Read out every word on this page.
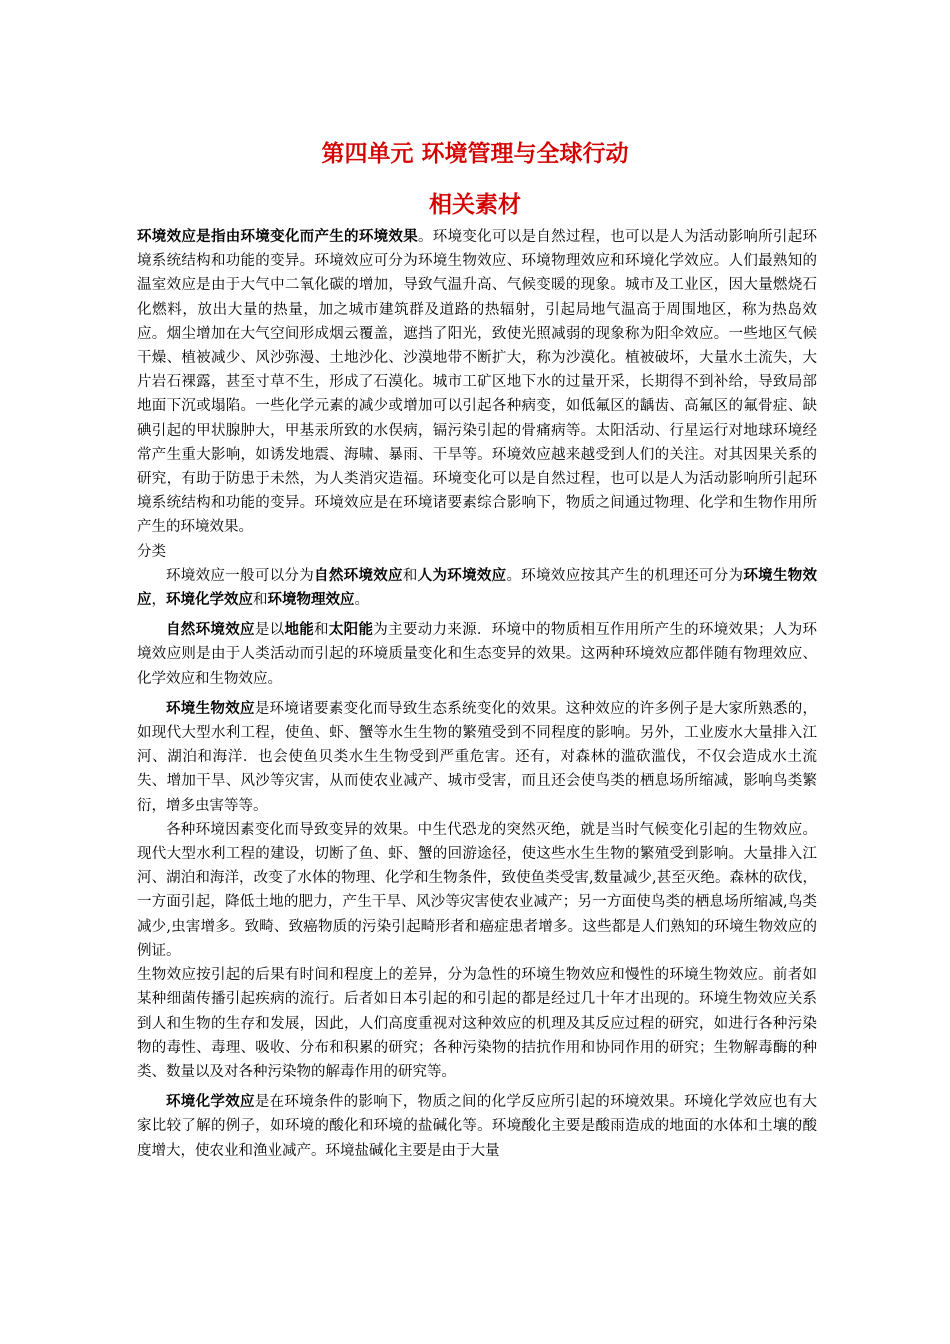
第四单元 环境管理与全球行动
相关素材

环境效应是指由环境变化而产生的环境效果。环境变化可以是自然过程，也可以是人为活动影响所引起环境系统结构和功能的变异。环境效应可分为环境生物效应、环境物理效应和环境化学效应。人们最熟知的温室效应是由于大气中二氧化碳的增加，导致气温升高、气候变暖的现象。城市及工业区，因大量燃烧石化燃料，放出大量的热量，加之城市建筑群及道路的热辐射，引起局地气温高于周围地区，称为热岛效应。烟尘增加在大气空间形成烟云覆盖，遮挡了阳光，致使光照减弱的现象称为阳伞效应。一些地区气候干燥、植被减少、风沙弥漫、土地沙化、沙漠地带不断扩大，称为沙漠化。植被破坏，大量水土流失，大片岩石裸露，甚至寸草不生，形成了石漠化。城市工矿区地下水的过量开采，长期得不到补给，导致局部地面下沉或塌陷。一些化学元素的减少或增加可以引起各种病变，如低氟区的龋齿、高氟区的氟骨症、缺碘引起的甲状腺肿大，甲基汞所致的水俣病，镉污染引起的骨痛病等。太阳活动、行星运行对地球环境经常产生重大影响，如诱发地震、海啸、暴雨、干旱等。环境效应越来越受到人们的关注。对其因果关系的研究，有助于防患于未然，为人类消灾造福。环境变化可以是自然过程，也可以是人为活动影响所引起环境系统结构和功能的变异。环境效应是在环境诸要素综合影响下，物质之间通过物理、化学和生物作用所产生的环境效果。

分类

环境效应一般可以分为自然环境效应和人为环境效应。环境效应按其产生的机理还可分为环境生物效应，环境化学效应和环境物理效应。

自然环境效应是以地能和太阳能为主要动力来源．环境中的物质相互作用所产生的环境效果；人为环境效应则是由于人类活动而引起的环境质量变化和生态变异的效果。这两种环境效应都伴随有物理效应、化学效应和生物效应。

环境生物效应是环境诸要素变化而导致生态系统变化的效果。这种效应的许多例子是大家所熟悉的，如现代大型水利工程，使鱼、虾、蟹等水生生物的繁殖受到不同程度的影响。另外，工业废水大量排入江河、湖泊和海洋．也会使鱼贝类水生生物受到严重危害。还有，对森林的滥砍滥伐，不仅会造成水土流失、增加干旱、风沙等灾害，从而使农业减产、城市受害，而且还会使鸟类的栖息场所缩减，影响鸟类繁衍，增多虫害等等。

各种环境因素变化而导致变异的效果。中生代恐龙的突然灭绝，就是当时气候变化引起的生物效应。现代大型水利工程的建设，切断了鱼、虾、蟹的回游途径，使这些水生生物的繁殖受到影响。大量排入江河、湖泊和海洋，改变了水体的物理、化学和生物条件，致使鱼类受害,数量减少,甚至灭绝。森林的砍伐，一方面引起，降低土地的肥力，产生干旱、风沙等灾害使农业减产；另一方面使鸟类的栖息场所缩减,鸟类减少,虫害增多。致畸、致癌物质的污染引起畸形者和癌症患者增多。这些都是人们熟知的环境生物效应的例证。

生物效应按引起的后果有时间和程度上的差异，分为急性的环境生物效应和慢性的环境生物效应。前者如某种细菌传播引起疾病的流行。后者如日本引起的和引起的都是经过几十年才出现的。环境生物效应关系到人和生物的生存和发展，因此，人们高度重视对这种效应的机理及其反应过程的研究，如进行各种污染物的毒性、毒理、吸收、分布和积累的研究；各种污染物的拮抗作用和协同作用的研究；生物解毒酶的种类、数量以及对各种污染物的解毒作用的研究等。

环境化学效应是在环境条件的影响下，物质之间的化学反应所引起的环境效果。环境化学效应也有大家比较了解的例子，如环境的酸化和环境的盐碱化等。环境酸化主要是酸雨造成的地面的水体和土壤的酸度增大，使农业和渔业减产。环境盐碱化主要是由于大量
